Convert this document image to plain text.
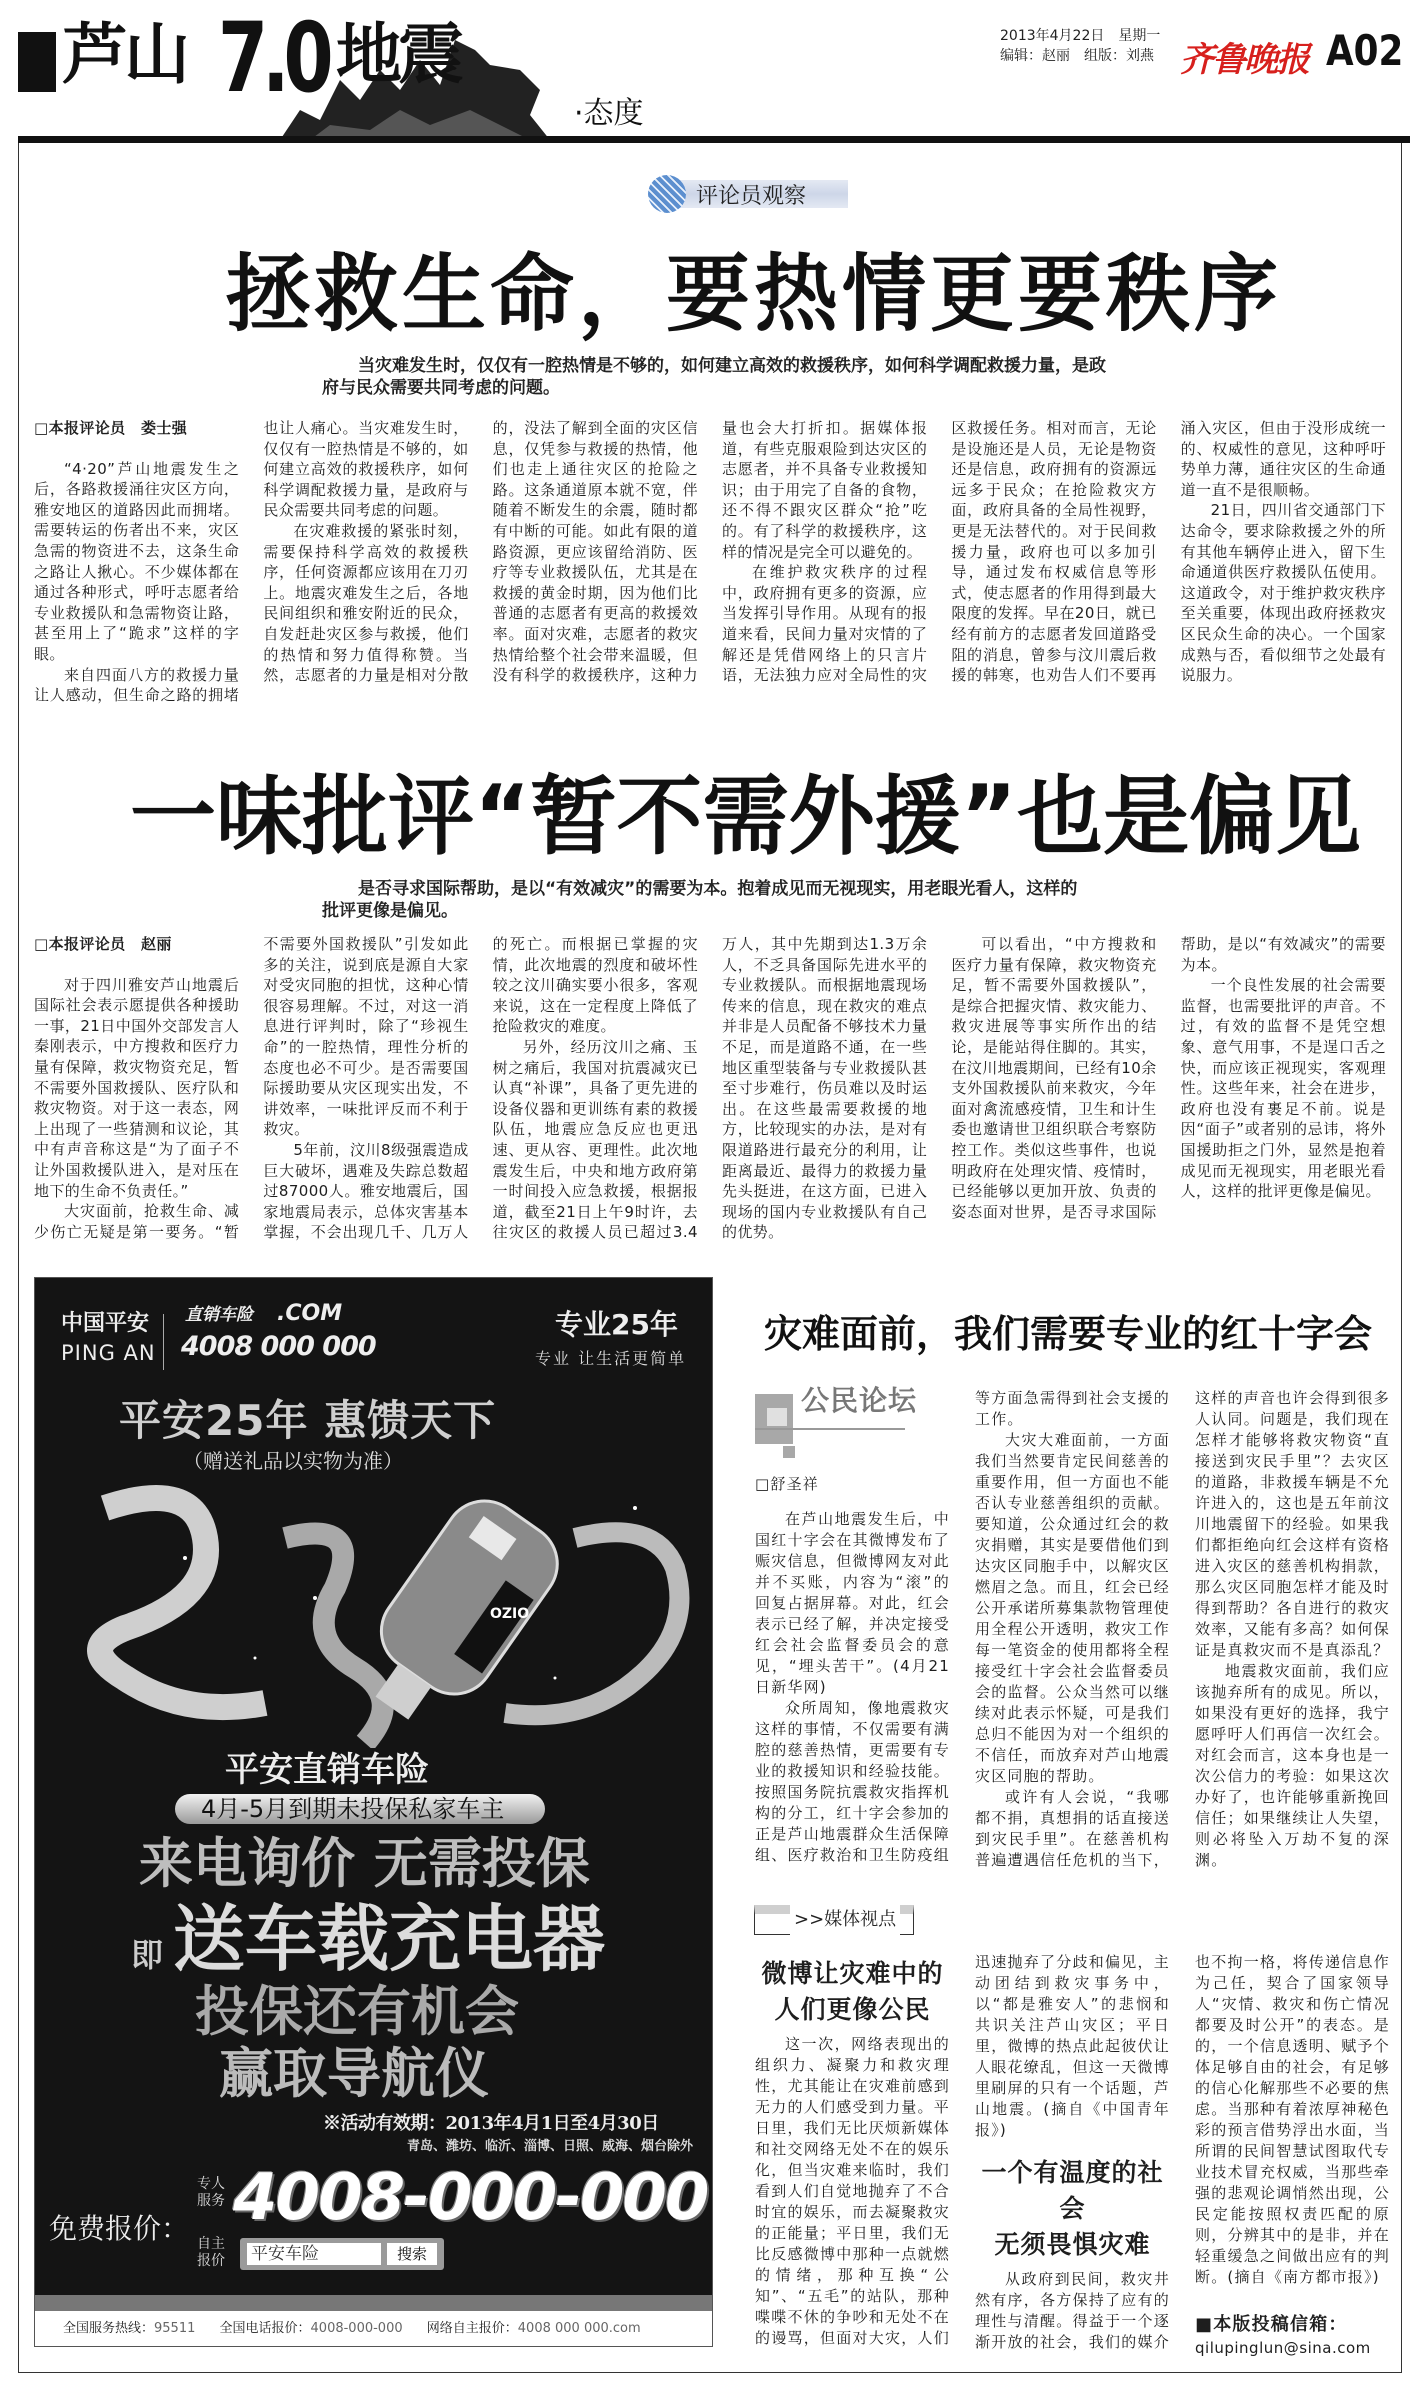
芦山 7.0 地震
·态度
2013年4月22日　星期一
编辑：赵丽　组版：刘燕 齐鲁晚报 A02
评论员观察
拯救生命，要热情更要秩序
当灾难发生时，仅仅有一腔热情是不够的，如何建立高效的救援秩序，如何科学调配救援力量，是政府与民众需要共同考虑的问题。

□本报评论员　娄士强

“4·20”芦山地震发生之后，各路救援涌往灾区方向，雅安地区的道路因此而拥堵。需要转运的伤者出不来，灾区急需的物资进不去，这条生命之路让人揪心。不少媒体都在通过各种形式，呼吁志愿者给专业救援队和急需物资让路，甚至用上了“跪求”这样的字眼。

来自四面八方的救援力量让人感动，但生命之路的拥堵也让人痛心。当灾难发生时，仅仅有一腔热情是不够的，如何建立高效的救援秩序，如何科学调配救援力量，是政府与民众需要共同考虑的问题。

在灾难救援的紧张时刻，需要保持科学高效的救援秩序，任何资源都应该用在刀刃上。地震灾难发生之后，各地民间组织和雅安附近的民众，自发赶赴灾区参与救援，他们的热情和努力值得称赞。当然，志愿者的力量是相对分散的，没法了解到全面的灾区信息，仅凭参与救援的热情，他们也走上通往灾区的抢险之路。这条通道原本就不宽，伴随着不断发生的余震，随时都有中断的可能。如此有限的道路资源，更应该留给消防、医疗等专业救援队伍，尤其是在救援的黄金时期，因为他们比普通的志愿者有更高的救援效率。面对灾难，志愿者的救灾热情给整个社会带来温暖，但没有科学的救援秩序，这种力量也会大打折扣。据媒体报道，有些克服艰险到达灾区的志愿者，并不具备专业救援知识；由于用完了自备的食物，还不得不跟灾区群众“抢”吃的。有了科学的救援秩序，这样的情况是完全可以避免的。

在维护救灾秩序的过程中，政府拥有更多的资源，应当发挥引导作用。从现有的报道来看，民间力量对灾情的了解还是凭借网络上的只言片语，无法独力应对全局性的灾区救援任务。相对而言，无论是设施还是人员，无论是物资还是信息，政府拥有的资源远远多于民众；在抢险救灾方面，政府具备的全局性视野，更是无法替代的。对于民间救援力量，政府也可以多加引导，通过发布权威信息等形式，使志愿者的作用得到最大限度的发挥。早在20日，就已经有前方的志愿者发回道路受阻的消息，曾参与汶川震后救援的韩寒，也劝告人们不要再涌入灾区，但由于没形成统一的、权威性的意见，这种呼吁势单力薄，通往灾区的生命通道一直不是很顺畅。

21日，四川省交通部门下达命令，要求除救援之外的所有其他车辆停止进入，留下生命通道供医疗救援队伍使用。这道政令，对于维护救灾秩序至关重要，体现出政府拯救灾区民众生命的决心。一个国家成熟与否，看似细节之处最有说服力。

一味批评“暂不需外援”也是偏见
是否寻求国际帮助，是以“有效减灾”的需要为本。抱着成见而无视现实，用老眼光看人，这样的批评更像是偏见。

□本报评论员　赵丽

对于四川雅安芦山地震后国际社会表示愿提供各种援助一事，21日中国外交部发言人秦刚表示，中方搜救和医疗力量有保障，救灾物资充足，暂不需要外国救援队、医疗队和救灾物资。对于这一表态，网上出现了一些猜测和议论，其中有声音称这是“为了面子不让外国救援队进入，是对压在地下的生命不负责任。”

大灾面前，抢救生命、减少伤亡无疑是第一要务。“暂不需要外国救援队”引发如此多的关注，说到底是源自大家对受灾同胞的担忧，这种心情很容易理解。不过，对这一消息进行评判时，除了“珍视生命”的一腔热情，理性分析的态度也必不可少。是否需要国际援助要从灾区现实出发，不讲效率，一味批评反而不利于救灾。

5年前，汶川8级强震造成巨大破坏，遇难及失踪总数超过87000人。雅安地震后，国家地震局表示，总体灾害基本掌握，不会出现几千、几万人的死亡。而根据已掌握的灾情，此次地震的烈度和破坏性较之汶川确实要小很多，客观来说，这在一定程度上降低了抢险救灾的难度。

另外，经历汶川之痛、玉树之痛后，我国对抗震减灾已认真“补课”，具备了更先进的设备仪器和更训练有素的救援队伍，地震应急反应也更迅速、更从容、更理性。此次地震发生后，中央和地方政府第一时间投入应急救援，根据报道，截至21日上午9时许，去往灾区的救援人员已超过3.4万人，其中先期到达1.3万余人，不乏具备国际先进水平的专业救援队。而根据地震现场传来的信息，现在救灾的难点并非是人员配备不够技术力量不足，而是道路不通，在一些地区重型装备与专业救援队甚至寸步难行，伤员难以及时运出。在这些最需要救援的地方，比较现实的办法，是对有限道路进行最充分的利用，让距离最近、最得力的救援力量先头挺进，在这方面，已进入现场的国内专业救援队有自己的优势。

可以看出，“中方搜救和医疗力量有保障，救灾物资充足，暂不需要外国救援队”，是综合把握灾情、救灾能力、救灾进展等事实所作出的结论，是能站得住脚的。其实，在汶川地震期间，已经有10余支外国救援队前来救灾，今年面对禽流感疫情，卫生和计生委也邀请世卫组织联合考察防控工作。类似这些事件，也说明政府在处理灾情、疫情时，已经能够以更加开放、负责的姿态面对世界，是否寻求国际帮助，是以“有效减灾”的需要为本。

一个良性发展的社会需要监督，也需要批评的声音。不过，有效的监督不是凭空想象、意气用事，不是逞口舌之快，而应该正视现实，客观理性。这些年来，社会在进步，政府也没有裹足不前。说是因“面子”或者别的忌讳，将外国援助拒之门外，显然是抱着成见而无视现实，用老眼光看人，这样的批评更像是偏见。

中国平安
PING AN
直销车险 .COM
4008 000 000
专业25年
专业 让生活更简单
平安25年 惠馈天下
（赠送礼品以实物为准）
OZIO
平安直销车险
4月-5月到期未投保私家车主
来电询价 无需投保
即 送车载充电器
投保还有机会
赢取导航仪
※活动有效期：2013年4月1日至4月30日
青岛、潍坊、临沂、淄博、日照、威海、烟台除外
免费报价：
专人服务 4008-000-000
自主报价 平安车险	搜索
全国服务热线：95511 全国电话报价：4008-000-000 网络自主报价：4008 000 000.com
灾难面前，我们需要专业的红十字会
公民论坛

□舒圣祥

在芦山地震发生后，中国红十字会在其微博发布了赈灾信息，但微博网友对此并不买账，内容为“滚”的回复占据屏幕。对此，红会表示已经了解，并决定接受红会社会监督委员会的意见，“埋头苦干”。(4月21日新华网)

众所周知，像地震救灾这样的事情，不仅需要有满腔的慈善热情，更需要有专业的救援知识和经验技能。按照国务院抗震救灾指挥机构的分工，红十字会参加的正是芦山地震群众生活保障组、医疗救治和卫生防疫组等方面急需得到社会支援的工作。

大灾大难面前，一方面我们当然要肯定民间慈善的重要作用，但一方面也不能否认专业慈善组织的贡献。要知道，公众通过红会的救灾捐赠，其实是要借他们到达灾区同胞手中，以解灾区燃眉之急。而且，红会已经公开承诺所募集款物管理使用全程公开透明，救灾工作每一笔资金的使用都将全程接受红十字会社会监督委员会的监督。公众当然可以继续对此表示怀疑，可是我们总归不能因为对一个组织的不信任，而放弃对芦山地震灾区同胞的帮助。

或许有人会说，“我哪都不捐，真想捐的话直接送到灾民手里”。在慈善机构普遍遭遇信任危机的当下，这样的声音也许会得到很多人认同。问题是，我们现在怎样才能够将救灾物资“直接送到灾民手里”？去灾区的道路，非救援车辆是不允许进入的，这也是五年前汶川地震留下的经验。如果我们都拒绝向红会这样有资格进入灾区的慈善机构捐款，那么灾区同胞怎样才能及时得到帮助？各自进行的救灾效率，又能有多高？如何保证是真救灾而不是真添乱？

地震救灾面前，我们应该抛弃所有的成见。所以，如果没有更好的选择，我宁愿呼吁人们再信一次红会。对红会而言，这本身也是一次公信力的考验：如果这次办好了，也许能够重新挽回信任；如果继续让人失望，则必将坠入万劫不复的深渊。

>>媒体视点
微博让灾难中的
人们更像公民

这一次，网络表现出的组织力、凝聚力和救灾理性，尤其能让在灾难前感到无力的人们感受到力量。平日里，我们无比厌烦新媒体和社交网络无处不在的娱乐化，但当灾难来临时，我们看到人们自觉地抛弃了不合时宜的娱乐，而去凝聚救灾的正能量；平日里，我们无比反感微博中那种一点就燃的情绪，那种互换“公知”、“五毛”的站队，那种喋喋不休的争吵和无处不在的谩骂，但面对大灾，人们迅速抛弃了分歧和偏见，主动团结到救灾事务中，以“都是雅安人”的悲悯和共识关注芦山灾区；平日里，微博的热点此起彼伏让人眼花缭乱，但这一天微博里刷屏的只有一个话题，芦山地震。(摘自《中国青年报》)

一个有温度的社会
无须畏惧灾难

从政府到民间，救灾井然有序，各方保持了应有的理性与清醒。得益于一个逐渐开放的社会，我们的媒介也不拘一格，将传递信息作为己任，契合了国家领导人“灾情、救灾和伤亡情况都要及时公开”的表态。是的，一个信息透明、赋予个体足够自由的社会，有足够的信心化解那些不必要的焦虑。当那种有着浓厚神秘色彩的预言借势浮出水面，当所谓的民间智慧试图取代专业技术冒充权威，当那些牵强的悲观论调悄然出现，公民定能按照权责匹配的原则，分辨其中的是非，并在轻重缓急之间做出应有的判断。(摘自《南方都市报》)

■本版投稿信箱：

qilupinglun@sina.com
